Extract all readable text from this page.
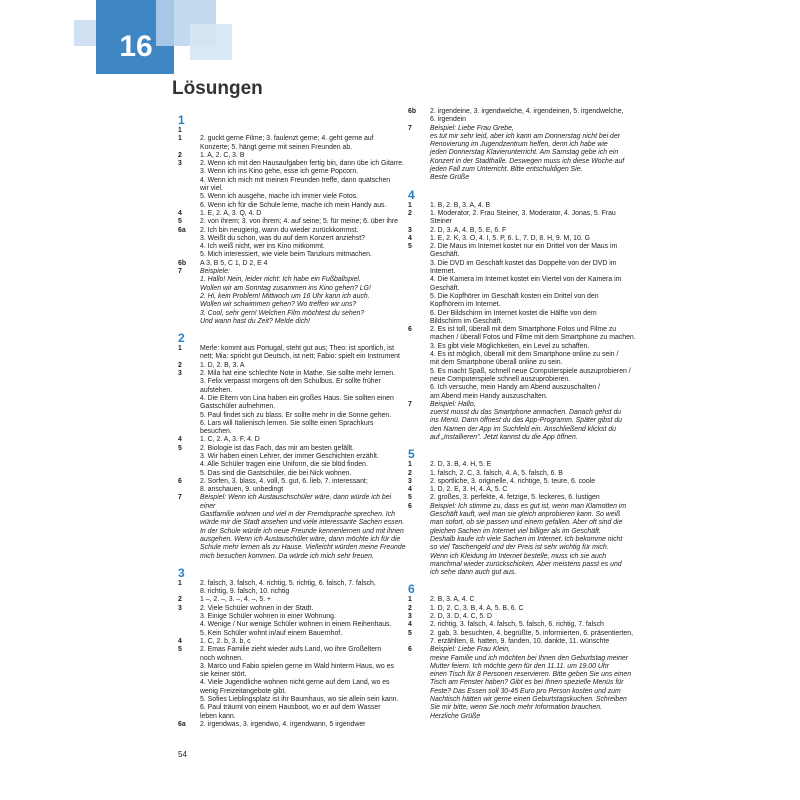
16
Lösungen
1
1
1	2. guckt gerne Filme; 3. faulenzt gerne; 4. geht gerne auf
Konzerte; 5. hängt gerne mit seinen Freunden ab.
2	1. A, 2. C, 3. B
3	2. Wenn ich mit den Hausaufgaben fertig bin, dann übe ich Gitarre.
3. Wenn ich ins Kino gehe, esse ich gerne Popcorn.
4. Wenn ich mich mit meinen Freunden treffe, dann quatschen
wir viel.
5. Wenn ich ausgehe, mache ich immer viele Fotos.
6. Wenn ich für die Schule lerne, mache ich mein Handy aus.
4	1. E, 2. A, 3. Q, 4. D
5	2. von ihrem; 3. von ihrem; 4. auf seine; 5. für meine; 6. über ihre
6a	2. Ich bin neugierig, wann du wieder zurückkommst.
3. Weißt du schon, was du auf dem Konzert anziehst?
4. Ich weiß nicht, wer ins Kino mitkommt.
5. Mich interessiert, wie viele beim Tanzkurs mitmachen.
6b	A 3, B 5, C 1, D 2, E 4
7	Beispiele:
1. Hallo! Nein, leider nicht: Ich habe ein Fußballspiel.
Wollen wir am Sonntag zusammen ins Kino gehen? LG!
2. Hi, kein Problem! Mittwoch um 16 Uhr kann ich auch.
Wollen wir schwimmen gehen? Wo treffen wir uns?
3. Cool, sehr gern! Welchen Film möchtest du sehen?
Und wann hast du Zeit? Melde dich!
2
1	Merle: kommt aus Portugal, steht gut aus; Theo: ist sportlich, ist
nett; Mia: spricht gut Deutsch, ist nett; Fabio: spielt ein Instrument
2	1. D, 2. B, 3. A
3	2. Mila hat eine schlechte Note in Mathe. Sie sollte mehr lernen.
3. Felix verpasst morgens oft den Schulbus. Er sollte früher aufstehen.
4. Die Eltern von Lina haben ein großes Haus. Sie sollten einen
Gastschüler aufnehmen.
5. Paul findet sich zu blass. Er sollte mehr in die Sonne gehen.
6. Lars will Italienisch lernen. Sie sollte einen Sprachkurs besuchen.
4	1. C, 2. A, 3. F, 4. D
5	2. Biologie ist das Fach, das mir am besten gefällt.
3. Wir haben einen Lehrer, der immer Geschichten erzählt.
4. Alle Schüler tragen eine Uniform, die sie blöd finden.
5. Das sind die Gastschüler, die bei Nick wohnen.
6	2. Sorfen, 3. blass, 4. voll, 5. gut, 6. lieb, 7. interessant;
8. anschauen, 9. unbedingt
7	Beispiel: Wenn ich Austauschschüler wäre, dann würde ich bei einer
Gastfamilie wohnen und viel in der Fremdsprache sprechen. Ich
würde mir die Stadt ansehen und viele interessante Sachen essen.
In der Schule würde ich neue Freunde kennenlernen und mit ihnen
ausgehen. Wenn ich Austauschüler wäre, dann möchte ich für die
Schule mehr lernen als zu Hause. Vielleicht würden meine Freunde
mich besuchen kommen. Da würde ich mich sehr freuen.
3
1	2. falsch, 3. falsch, 4. richtig, 5. richtig, 6. falsch, 7. falsch,
8. richtig, 9. falsch, 10. richtig
2	1 –, 2. –, 3. –, 4. –, 5. +
3	2. Viele Schüler wohnen in der Stadt.
3. Einige Schüler wohnen in einer Wohnung.
4. Wenige / Nur wenige Schüler wohnen in einem Reihenhaus.
5. Kein Schüler wohnt in/auf einem Bauernhof.
4	1. C, 2. b, 3. b, c
5	2. Emas Familie zieht wieder aufs Land, wo ihre Großeltern
noch wohnen.
3. Marco und Fabio spielen gerne im Wald hinterm Haus, wo es
sie keiner stört.
4. Viele Jugendliche wohnen nicht gerne auf dem Land, wo es
wenig Freizeitangebote gibt.
5. Sofies Lieblingsplatz ist ihr Baumhaus, wo sie allein sein kann.
6. Paul träumt von einem Hausboot, wo er auf dem Wasser
leben kann.
6a	2. irgendwas, 3. irgendwo, 4. irgendwann, 5 irgendwer
6b	2. irgendeine, 3. irgendwelche, 4. irgendeinen, 5. irgendwelche,
6. irgendein
7	Beispiel: Liebe Frau Grebe,
es tut mir sehr leid, aber ich kann am Donnerstag nicht bei der
Renovierung im Jugendzentrum helfen, denn ich habe wie
jeden Donnerstag Klavierunterricht. Am Samstag gebe ich ein
Konzert in der Stadthalle. Deswegen muss ich diese Woche auf
jeden Fall zum Unterricht. Bitte entschuldigen Sie.
Beste Grüße
4
1	1. B, 2. B, 3. A, 4. B
2	1. Moderator, 2. Frau Steiner, 3. Moderator, 4. Jonas, 5. Frau Steiner
3	2. D, 3. A, 4. B, 5. E, 6. F
4	1. E, 2. K, 3. O, 4. I, 5. P, 6. L, 7. D, 8. H, 9. M, 10. G
5	2. Die Maus im Internet kostet nur ein Drittel von der Maus im
Geschäft.
3. Die DVD im Geschäft kostet das Doppelte von der DVD im
Internet.
4. Die Kamera im Internet kostet ein Viertel von der Kamera im
Geschäft.
5. Die Kopfhörer im Geschäft kosten ein Drittel von den
Kopfhörern im Internet.
6. Der Bildschirm im Internet kostet die Hälfte von dem
Bildschirm im Geschäft.
6	2. Es ist toll, überall mit dem Smartphone Fotos und Filme zu
machen / überall Fotos und Filme mit dem Smartphone zu machen.
3. Es gibt viele Möglichkeiten, ein Level zu schaffen.
4. Es ist möglich, überall mit dem Smartphone online zu sein /
mit dem Smartphone überall online zu sein.
5. Es macht Spaß, schnell neue Computerspiele auszuprobieren /
neue Computerspiele schnell auszuprobieren.
6. Ich versuche, mein Handy am Abend auszuschalten /
am Abend mein Handy auszuschalten.
7	Beispiel: Hallo,
zuerst musst du das Smartphone anmachen. Danach gehst du
ins Menü. Dann öffnest du das App-Programm. Später gibst du
den Namen der App im Suchfeld ein. Anschließend klickst du
auf „Installieren". Jetzt kannst du die App öffnen.
5
1	2. D, 3. B, 4. H, 5. E
2	1. falsch, 2. C, 3. falsch, 4. A, 5. falsch, 6. B
3	2. sportliche, 3. originelle, 4. richtige, 5. teure, 6. coole
4	1. D, 2. E, 3. H, 4. A, 5. C
5	2. großes, 3. perfekte, 4. fetzige, 5. leckeres, 6. lustigen
6	Beispiel: Ich stimme zu, dass es gut ist, wenn man Klamotten im
Geschäft kauft, weil man sie gleich anprobieren kann. So weiß
man sofort, ob sie passen und einem gefallen. Aber oft sind die
gleichen Sachen im Internet viel billiger als im Geschäft.
Deshalb kaufe ich viele Sachen im Internet. Ich bekomme nicht
so viel Taschengeld und der Preis ist sehr wichtig für mich.
Wenn ich Kleidung im Internet bestelle, muss ich sie auch
manchmal wieder zurückschicken. Aber meistens passt es und
ich sehe dann auch gut aus.
6
1	2. B, 3. A, 4. C
2	1. D, 2. C, 3. B, 4. A, 5. B, 6. C
3	2. D, 3. D, 4. C, 5. D
4	2. richtig, 3. falsch, 4. falsch, 5. falsch, 6. richtig, 7. falsch
5	2. gab, 3. besuchten, 4. begrüßte, 5. informierten, 6. präsentierten,
7. erzählten, 8. hatten, 9. fanden, 10. dankte, 11. wünschte
6	Beispiel: Liebe Frau Klein,
meine Familie und ich möchten bei Ihnen den Geburtstag meiner
Mutter feiern. Ich möchte gern für den 11.11. um 19.00 Uhr
einen Tisch für 8 Personen reservieren. Bitte geben Sie uns einen
Tisch am Fenster haben? Gibt es bei Ihnen spezielle Menüs für
Feste? Das Essen soll 30-45 Euro pro Person kosten und zum
Nachtisch hätten wir gerne einen Geburtstagskuchen. Schreiben
Sie mir bitte, wenn Sie noch mehr Information brauchen.
Herzliche Grüße
54
